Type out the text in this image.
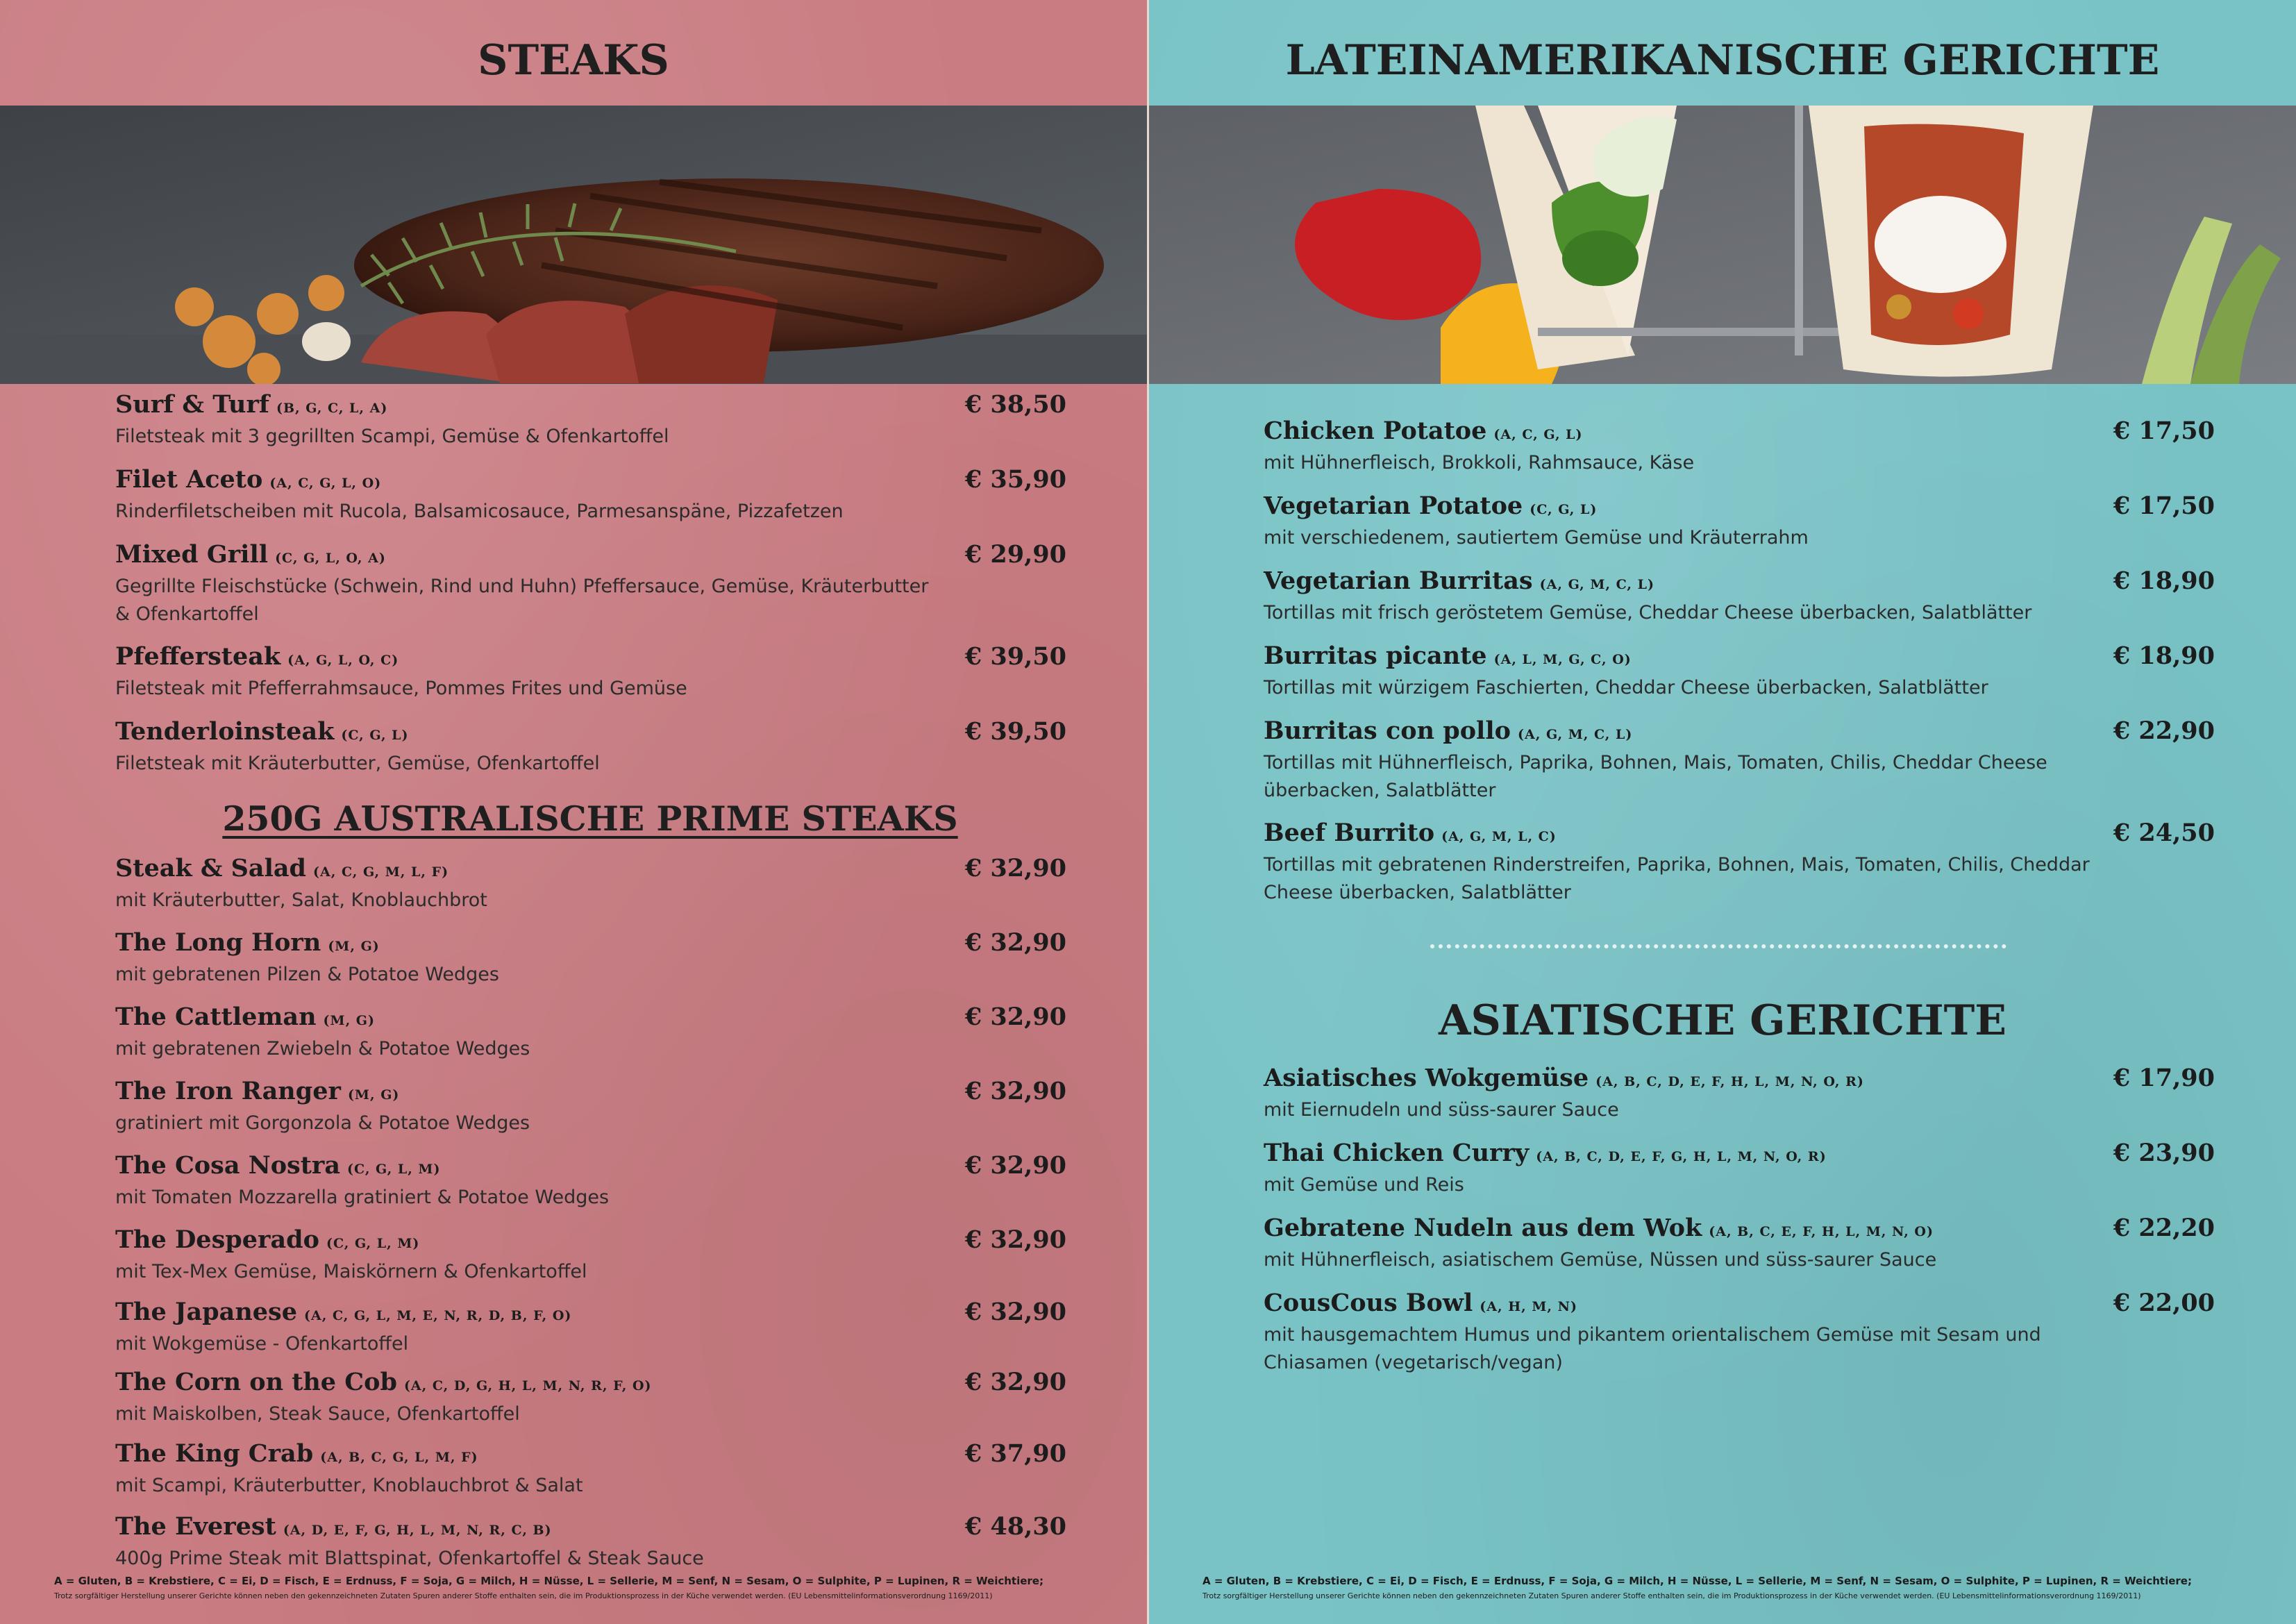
STEAKS
Surf & Turf (B, G, C, L, A)
Filetsteak mit 3 gegrillten Scampi, Gemüse & Ofenkartoffel
€ 38,50
Filet Aceto (A, C, G, L, O)
Rinderfiletscheiben mit Rucola, Balsamicosauce, Parmesanspäne, Pizzafetzen
€ 35,90
Mixed Grill (C, G, L, O, A)
Gegrillte Fleischstücke (Schwein, Rind und Huhn) Pfeffersauce, Gemüse, Kräuterbutter & Ofenkartoffel
€ 29,90
Pfeffersteak (A, G, L, O, C)
Filetsteak mit Pfefferrahmsauce, Pommes Frites und Gemüse
€ 39,50
Tenderloinsteak (C, G, L)
Filetsteak mit Kräuterbutter, Gemüse, Ofenkartoffel
€ 39,50
250G AUSTRALISCHE PRIME STEAKS
Steak & Salad (A, C, G, M, L, F)
mit Kräuterbutter, Salat, Knoblauchbrot
€ 32,90
The Long Horn (M, G)
mit gebratenen Pilzen & Potatoe Wedges
€ 32,90
The Cattleman (M, G)
mit gebratenen Zwiebeln & Potatoe Wedges
€ 32,90
The Iron Ranger (M, G)
gratiniert mit Gorgonzola & Potatoe Wedges
€ 32,90
The Cosa Nostra (C, G, L, M)
mit Tomaten Mozzarella gratiniert & Potatoe Wedges
€ 32,90
The Desperado (C, G, L, M)
mit Tex-Mex Gemüse, Maiskörnern & Ofenkartoffel
€ 32,90
The Japanese (A, C, G, L, M, E, N, R, D, B, F, O)
mit Wokgemüse - Ofenkartoffel
€ 32,90
The Corn on the Cob (A, C, D, G, H, L, M, N, R, F, O)
mit Maiskolben, Steak Sauce, Ofenkartoffel
€ 32,90
The King Crab (A, B, C, G, L, M, F)
mit Scampi, Kräuterbutter, Knoblauchbrot & Salat
€ 37,90
The Everest (A, D, E, F, G, H, L, M, N, R, C, B)
400g Prime Steak mit Blattspinat, Ofenkartoffel & Steak Sauce
€ 48,30
A = Gluten, B = Krebstiere, C = Ei, D = Fisch, E = Erdnuss, F = Soja, G = Milch, H = Nüsse, L = Sellerie, M = Senf, N = Sesam, O = Sulphite, P = Lupinen, R = Weichtiere;
Trotz sorgfältiger Herstellung unserer Gerichte können neben den gekennzeichneten Zutaten Spuren anderer Stoffe enthalten sein, die im Produktionsprozess in der Küche verwendet werden. (EU Lebensmittelinformationsverordnung 1169/2011)
LATEINAMERIKANISCHE GERICHTE
Chicken Potatoe (A, C, G, L)
mit Hühnerfleisch, Brokkoli, Rahmsauce, Käse
€ 17,50
Vegetarian Potatoe (C, G, L)
mit verschiedenem, sautiertem Gemüse und Kräuterrahm
€ 17,50
Vegetarian Burritas (A, G, M, C, L)
Tortillas mit frisch geröstetem Gemüse, Cheddar Cheese überbacken, Salatblätter
€ 18,90
Burritas picante (A, L, M, G, C, O)
Tortillas mit würzigem Faschierten, Cheddar Cheese überbacken, Salatblätter
€ 18,90
Burritas con pollo (A, G, M, C, L)
Tortillas mit Hühnerfleisch, Paprika, Bohnen, Mais, Tomaten, Chilis, Cheddar Cheese überbacken, Salatblätter
€ 22,90
Beef Burrito (A, G, M, L, C)
Tortillas mit gebratenen Rinderstreifen, Paprika, Bohnen, Mais, Tomaten, Chilis, Cheddar Cheese überbacken, Salatblätter
€ 24,50
ASIATISCHE GERICHTE
Asiatisches Wokgemüse (A, B, C, D, E, F, H, L, M, N, O, R)
mit Eiernudeln und süss-saurer Sauce
€ 17,90
Thai Chicken Curry (A, B, C, D, E, F, G, H, L, M, N, O, R)
mit Gemüse und Reis
€ 23,90
Gebratene Nudeln aus dem Wok (A, B, C, E, F, H, L, M, N, O)
mit Hühnerfleisch, asiatischem Gemüse, Nüssen und süss-saurer Sauce
€ 22,20
CousCous Bowl (A, H, M, N)
mit hausgemachtem Humus und pikantem orientalischem Gemüse mit Sesam und Chiasamen (vegetarisch/vegan)
€ 22,00
A = Gluten, B = Krebstiere, C = Ei, D = Fisch, E = Erdnuss, F = Soja, G = Milch, H = Nüsse, L = Sellerie, M = Senf, N = Sesam, O = Sulphite, P = Lupinen, R = Weichtiere;
Trotz sorgfältiger Herstellung unserer Gerichte können neben den gekennzeichneten Zutaten Spuren anderer Stoffe enthalten sein, die im Produktionsprozess in der Küche verwendet werden. (EU Lebensmittelinformationsverordnung 1169/2011)
